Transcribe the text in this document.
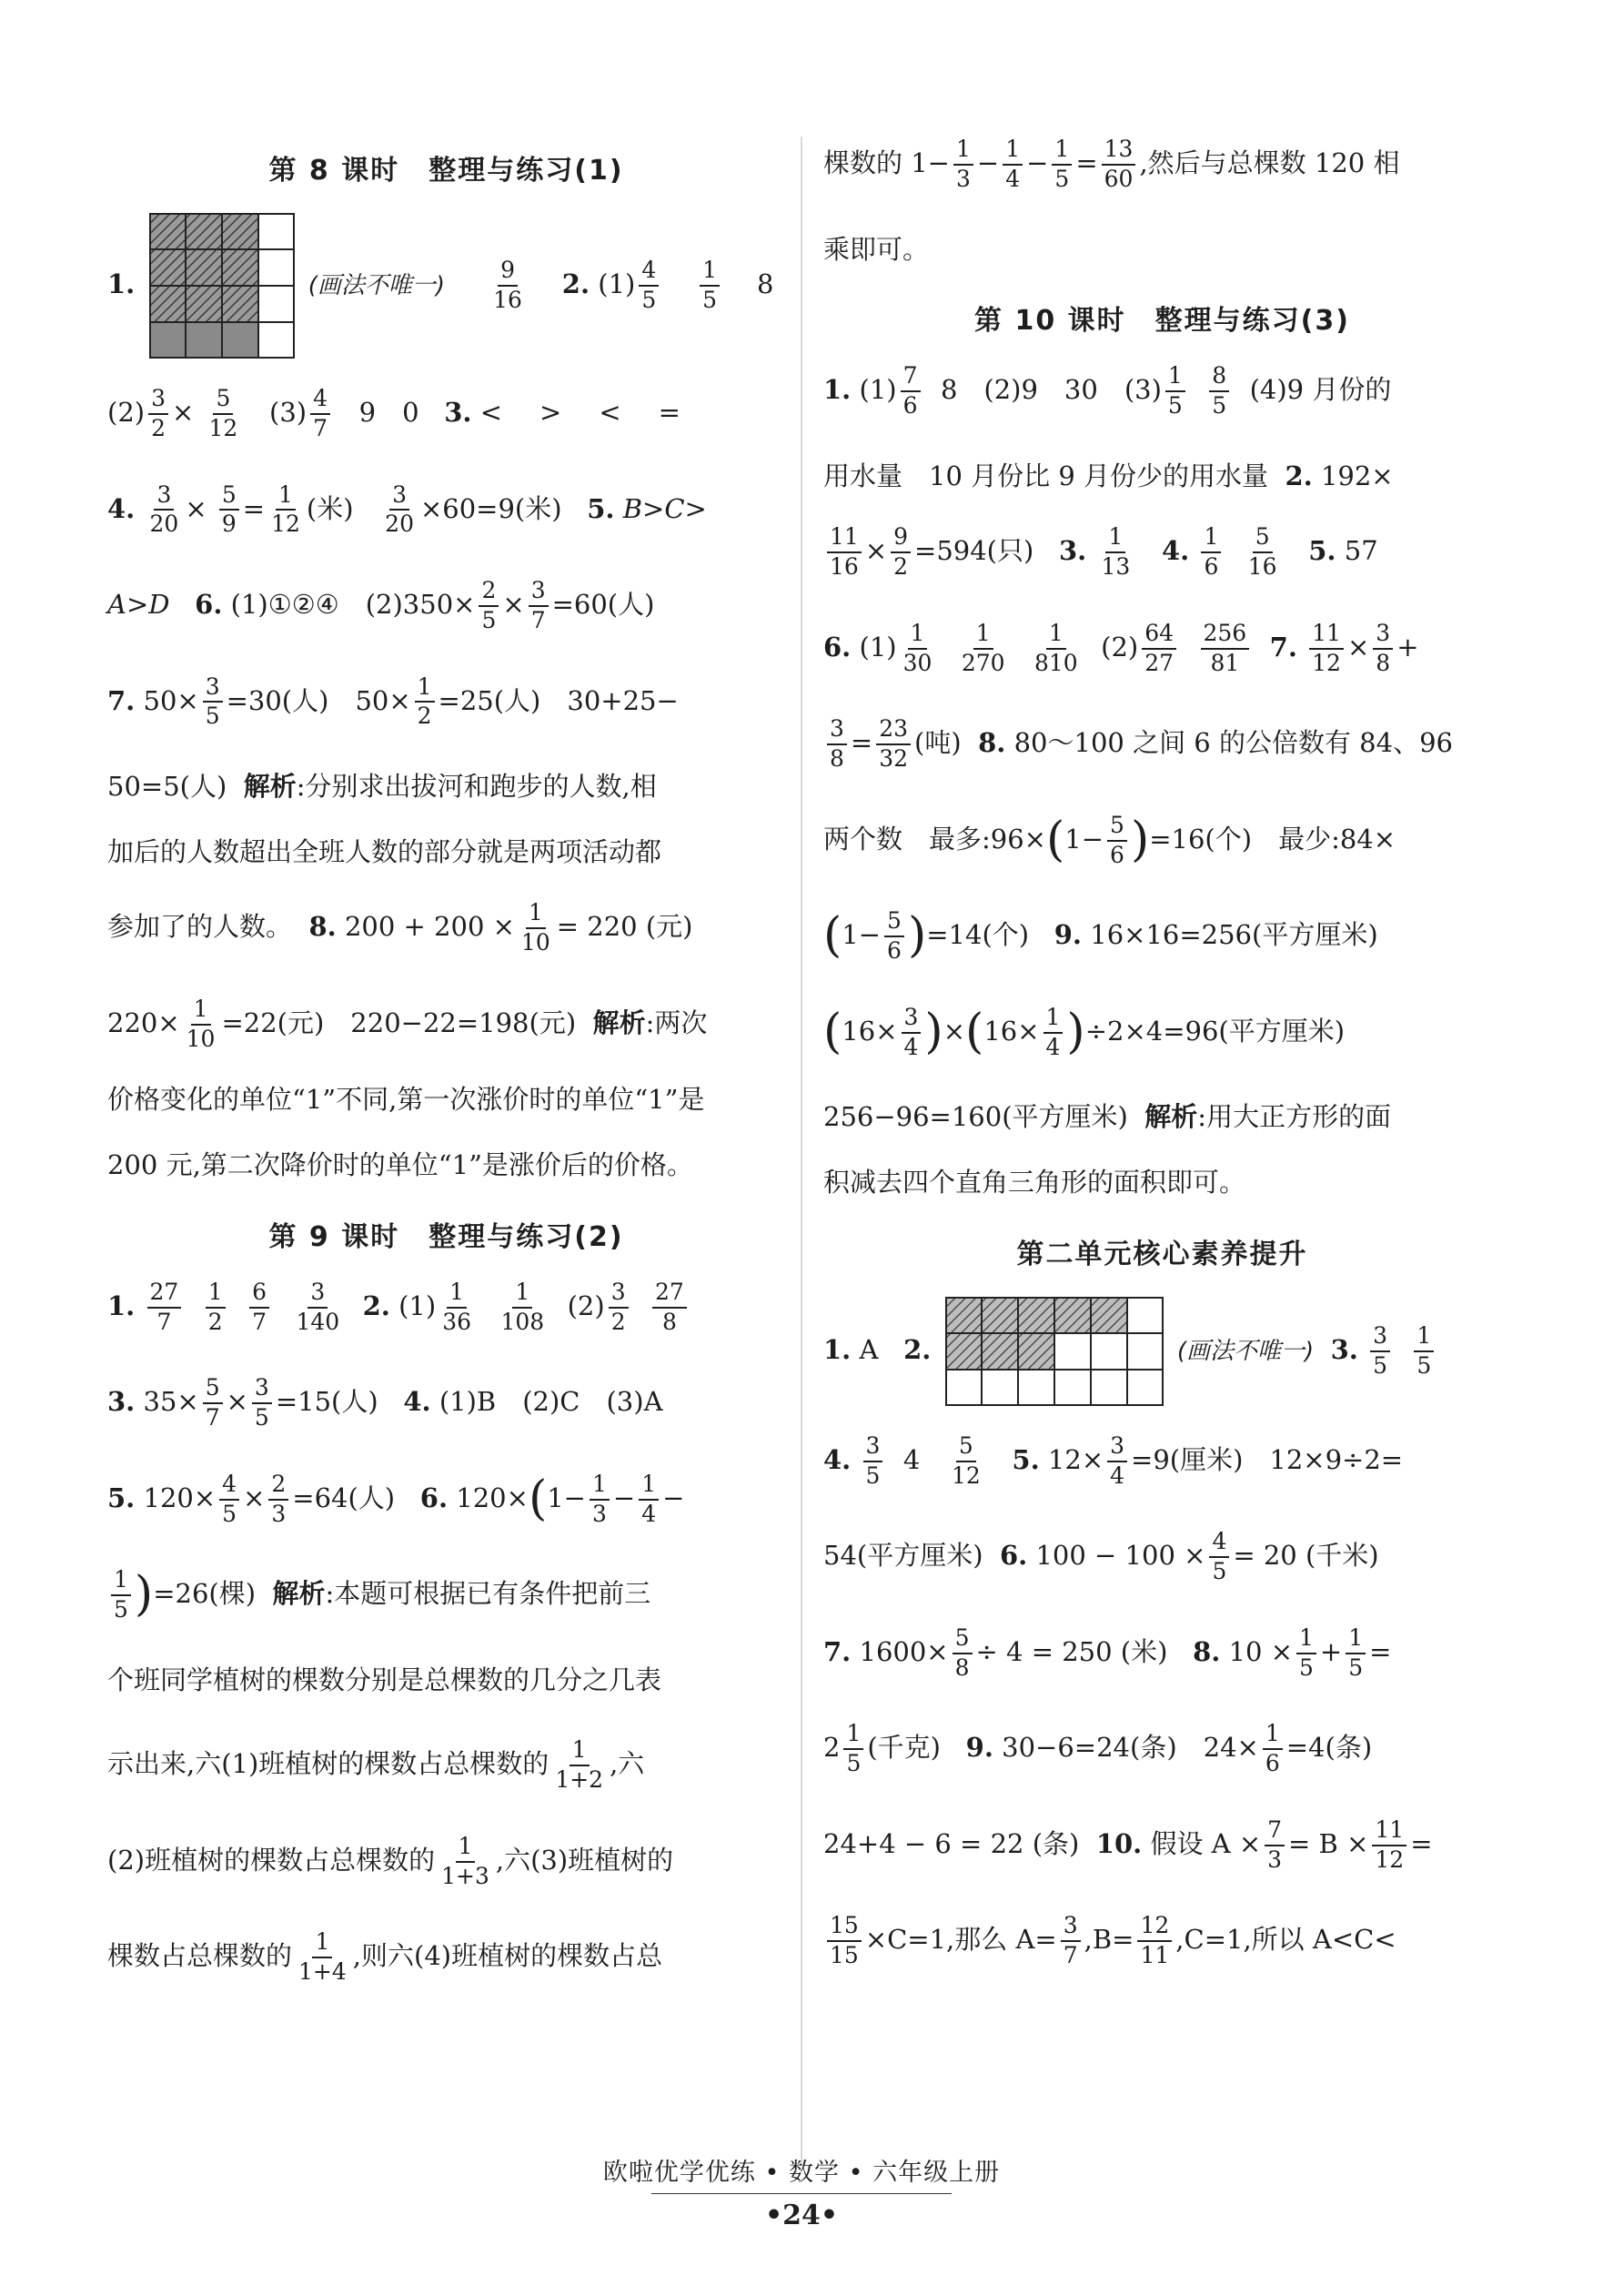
第 8 课时　整理与练习(1)
1.	(画法不唯一) $\frac{9}{16} 2$. $(1) \frac{4}{5}$
$\frac{1}{5} 8$
$(2) \frac{3}{2} \times \frac{5}{12} (3) \frac{4}{7} 9$　0 3. <　>　<　=
4. $\frac{3}{20} \times \frac{5}{9} = \frac{1}{12}$ (米) $\frac{3}{20} \times 60=9$(米) 5. B>C>
A>D 6. (1)①②④　$(2)350\times \frac{2}{5} \times \frac{3}{7} =60$(人)
7. $50\times \frac{3}{5} =30$(人)　$50\times \frac{1}{2} =25$(人)　30+25−
50=5(人) 解析:分别求出拔河和跑步的人数,相
加后的人数超出全班人数的部分就是两项活动都
参加了的人数。 8. $200 + 200 \times \frac{1}{10} = 220$ (元)
$220\times \frac{1}{10} =22$(元)　220−22=198(元) 解析:两次
价格变化的单位“1”不同,第一次涨价时的单位“1”是
200 元,第二次降价时的单位“1”是涨价后的价格。
第 9 课时　整理与练习(2)
1. $\frac{27}{7}$
$\frac{1}{2}$
$\frac{6}{7}$
$\frac{3}{140} 2$. $(1) \frac{1}{36}$
$\frac{1}{108} (2) \frac{3}{2}$
$\frac{27}{8}$
3. $35\times \frac{5}{7} \times \frac{3}{5} =15$(人) 4. (1)B　(2)C　(3)A
5. $120\times \frac{4}{5} \times \frac{2}{3} =64$(人) 6. $120\times(1- \frac{1}{3} - \frac{1}{4}$ −
$\frac{1}{5} )=26$(棵) 解析:本题可根据已有条件把前三
个班同学植树的棵数分别是总棵数的几分之几表
示出来,六(1)班植树的棵数占总棵数的 $\frac{1}{1+2}$ ,六
(2)班植树的棵数占总棵数的 $\frac{1}{1+3}$ ,六(3)班植树的
棵数占总棵数的 $\frac{1}{1+4}$ ,则六(4)班植树的棵数占总
棵数的 $1- \frac{1}{3} - \frac{1}{4} - \frac{1}{5} = \frac{13}{60}$ ,然后与总棵数 120 相
乘即可。
第 10 课时　整理与练习(3)
1. $(1) \frac{7}{6} 8$　(2)9　30　$(3) \frac{1}{5}$
$\frac{8}{5} (4)9$ 月份的
用水量　10 月份比 9 月份少的用水量 2. 192×
$\frac{11}{16} \times \frac{9}{2} =594$(只) 3. $\frac{1}{13} 4$. $\frac{1}{6}$
$\frac{5}{16} 5$. 57
6. $(1) \frac{1}{30}$
$\frac{1}{270}$
$\frac{1}{810} (2) \frac{64}{27}$
$\frac{256}{81} 7$. $\frac{11}{12} \times \frac{3}{8}$ +
$\frac{3}{8} = \frac{23}{32}$ (吨) 8. 80～100 之间 6 的公倍数有 84、96
两个数　最多:96×(1− $\frac{5}{6} )=16$(个)　最少:84×
$(1- \frac{5}{6} )=14$(个) 9. 16×16=256(平方厘米)
$(16\times \frac{3}{4} )\times(16\times \frac{1}{4} )\div 2\times 4=96$(平方厘米)
256−96=160(平方厘米) 解析:用大正方形的面
积减去四个直角三角形的面积即可。
第二单元核心素养提升
1. A 2.	(画法不唯一) 3. $\frac{3}{5}$
$\frac{1}{5}$
4. $\frac{3}{5} 4 \frac{5}{12} 5$. $12\times \frac{3}{4} =9$(厘米)　12×9÷2=
54(平方厘米) 6. $100 - 100 \times \frac{4}{5} = 20$ (千米)
7. $1600\times \frac{5}{8} \div 4 = 250$ (米) 8. $10 \times \frac{1}{5} + \frac{1}{5}$ =
$2 \frac{1}{5}$ (千克) 9. 30−6=24(条)　$24\times \frac{1}{6} =4$(条)
24+4 − 6 = 22 (条) 10. 假设 $A \times \frac{7}{3} = B \times \frac{11}{12}$ =
$\frac{15}{15} \times C=1$,那么 $A= \frac{3}{7} ,B= \frac{12}{11} ,C=1$,所以 A<C<
欧啦优学优练 • 数学 • 六年级上册
•24•
